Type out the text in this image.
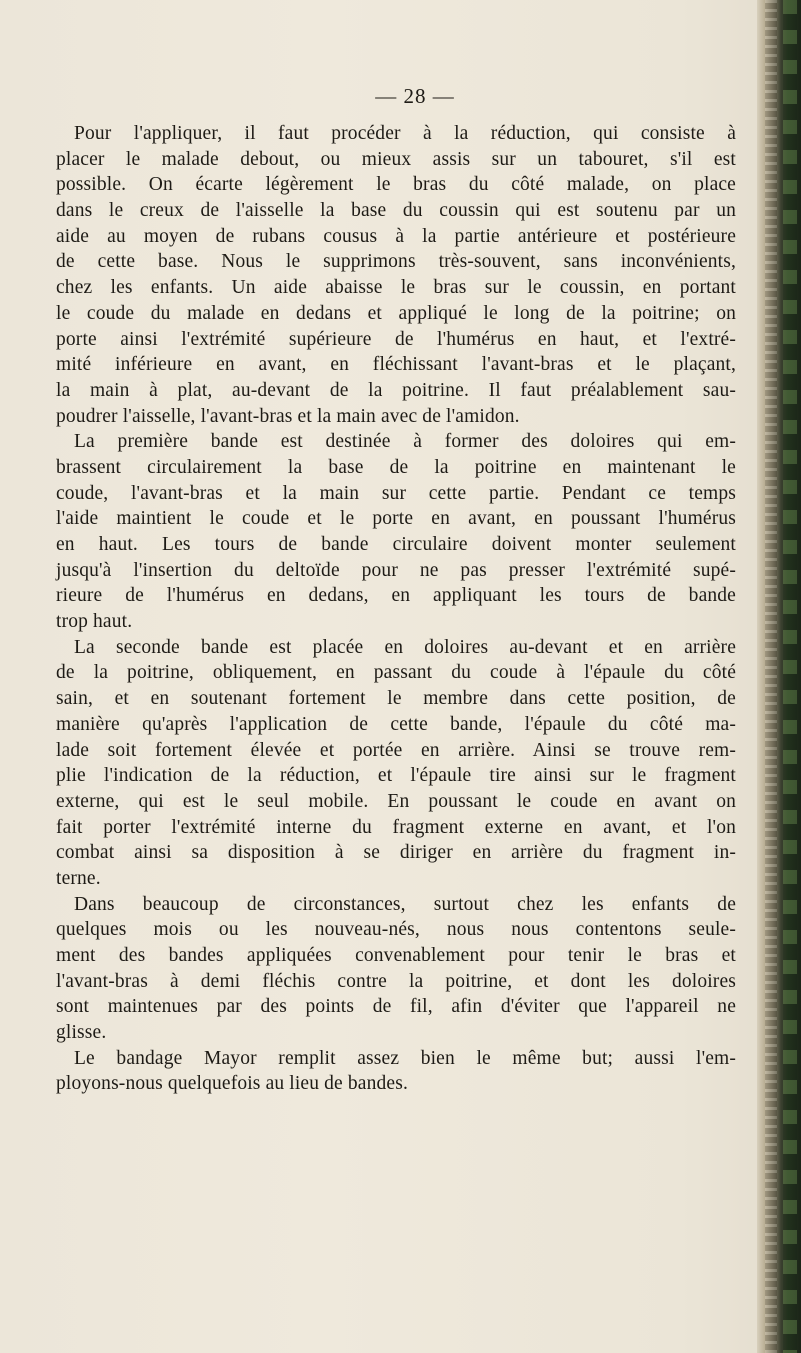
— 28 —
Pour l'appliquer, il faut procéder à la réduction, qui consiste à
placer le malade debout, ou mieux assis sur un tabouret, s'il est
possible. On écarte légèrement le bras du côté malade, on place
dans le creux de l'aisselle la base du coussin qui est soutenu par un
aide au moyen de rubans cousus à la partie antérieure et postérieure
de cette base. Nous le supprimons très-souvent, sans inconvénients,
chez les enfants. Un aide abaisse le bras sur le coussin, en portant
le coude du malade en dedans et appliqué le long de la poitrine; on
porte ainsi l'extrémité supérieure de l'humérus en haut, et l'extré-
mité inférieure en avant, en fléchissant l'avant-bras et le plaçant,
la main à plat, au-devant de la poitrine. Il faut préalablement sau-
poudrer l'aisselle, l'avant-bras et la main avec de l'amidon.
La première bande est destinée à former des doloires qui em-
brassent circulairement la base de la poitrine en maintenant le
coude, l'avant-bras et la main sur cette partie. Pendant ce temps
l'aide maintient le coude et le porte en avant, en poussant l'humérus
en haut. Les tours de bande circulaire doivent monter seulement
jusqu'à l'insertion du deltoïde pour ne pas presser l'extrémité supé-
rieure de l'humérus en dedans, en appliquant les tours de bande
trop haut.
La seconde bande est placée en doloires au-devant et en arrière
de la poitrine, obliquement, en passant du coude à l'épaule du côté
sain, et en soutenant fortement le membre dans cette position, de
manière qu'après l'application de cette bande, l'épaule du côté ma-
lade soit fortement élevée et portée en arrière. Ainsi se trouve rem-
plie l'indication de la réduction, et l'épaule tire ainsi sur le fragment
externe, qui est le seul mobile. En poussant le coude en avant on
fait porter l'extrémité interne du fragment externe en avant, et l'on
combat ainsi sa disposition à se diriger en arrière du fragment in-
terne.
Dans beaucoup de circonstances, surtout chez les enfants de
quelques mois ou les nouveau-nés, nous nous contentons seule-
ment des bandes appliquées convenablement pour tenir le bras et
l'avant-bras à demi fléchis contre la poitrine, et dont les doloires
sont maintenues par des points de fil, afin d'éviter que l'appareil ne
glisse.
Le bandage Mayor remplit assez bien le même but; aussi l'em-
ployons-nous quelquefois au lieu de bandes.
